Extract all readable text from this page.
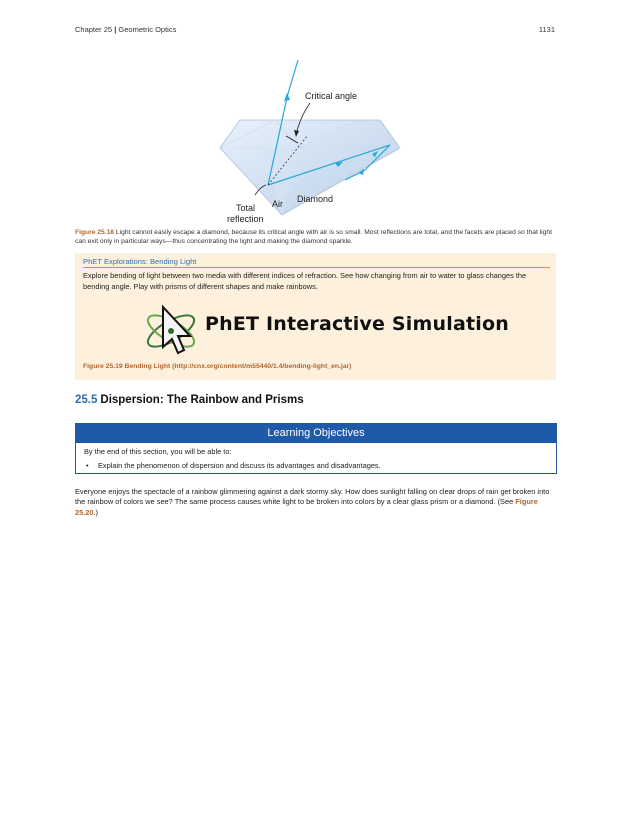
Chapter 25 | Geometric Optics	1131
Critical angle
Air Diamond
Total
reflection
Figure 25.18 Light cannot easily escape a diamond, because its critical angle with air is so small. Most reflections are total, and the facets are placed so that light can exit only in particular ways—thus concentrating the light and making the diamond sparkle.
PhET Explorations: Bending Light
Explore bending of light between two media with different indices of refraction. See how changing from air to water to glass changes the bending angle. Play with prisms of different shapes and make rainbows.
PhET Interactive Simulation
Figure 25.19 Bending Light (http://cnx.org/content/m55440/1.4/bending-light_en.jar)
25.5 Dispersion: The Rainbow and Prisms
Learning Objectives
By the end of this section, you will be able to:
• Explain the phenomenon of dispersion and discuss its advantages and disadvantages.
Everyone enjoys the spectacle of a rainbow glimmering against a dark stormy sky. How does sunlight falling on clear drops of rain get broken into the rainbow of colors we see? The same process causes white light to be broken into colors by a clear glass prism or a diamond. (See Figure 25.20.)
